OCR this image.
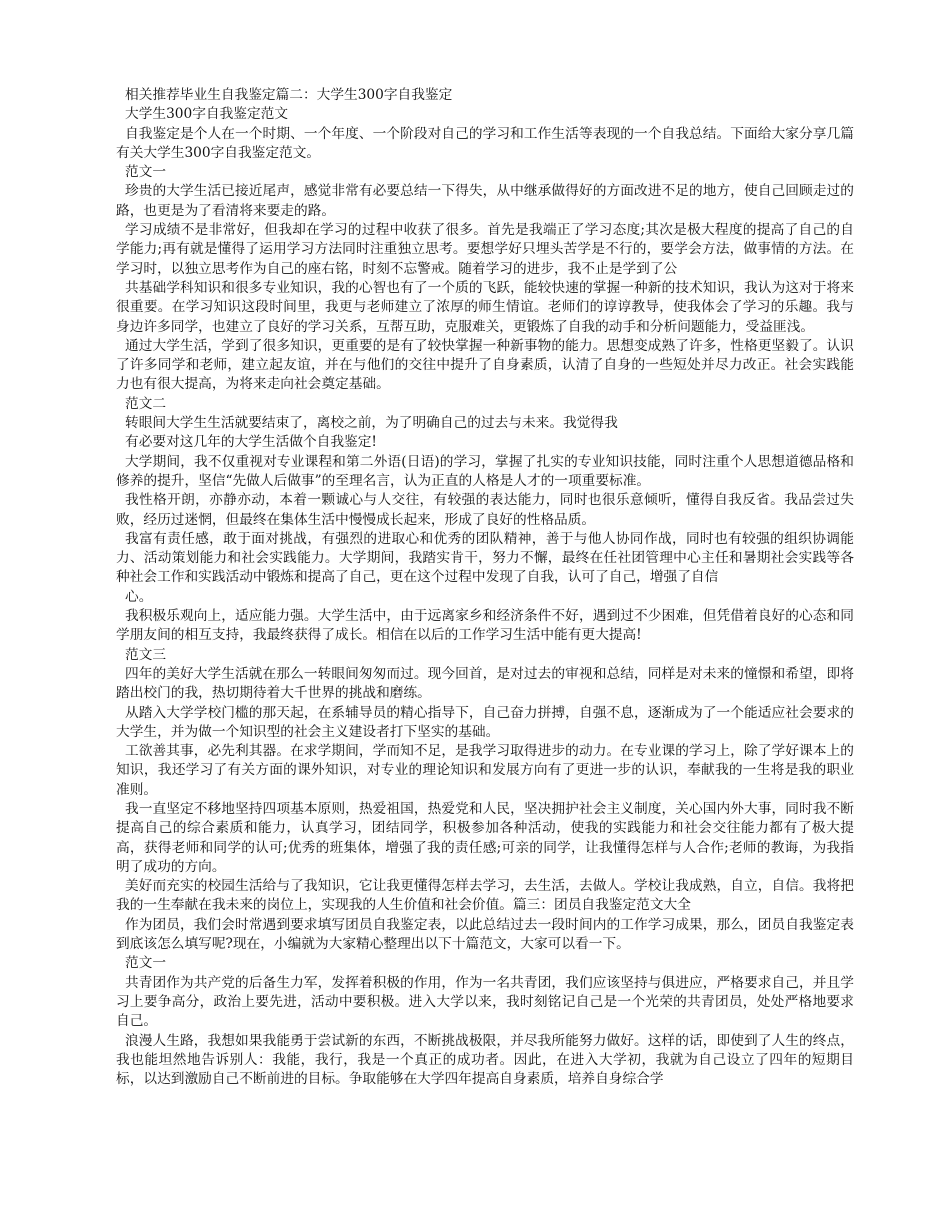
相关推荐毕业生自我鉴定篇二：大学生300字自我鉴定

大学生300字自我鉴定范文

自我鉴定是个人在一个时期、一个年度、一个阶段对自己的学习和工作生活等表现的一个自我总结。下面给大家分享几篇有关大学生300字自我鉴定范文。

范文一

珍贵的大学生活已接近尾声，感觉非常有必要总结一下得失，从中继承做得好的方面改进不足的地方，使自己回顾走过的路，也更是为了看清将来要走的路。

学习成绩不是非常好，但我却在学习的过程中收获了很多。首先是我端正了学习态度;其次是极大程度的提高了自己的自学能力;再有就是懂得了运用学习方法同时注重独立思考。要想学好只埋头苦学是不行的，要学会方法，做事情的方法。在学习时，以独立思考作为自己的座右铭，时刻不忘警戒。随着学习的进步，我不止是学到了公

共基础学科知识和很多专业知识，我的心智也有了一个质的飞跃，能较快速的掌握一种新的技术知识，我认为这对于将来很重要。在学习知识这段时间里，我更与老师建立了浓厚的师生情谊。老师们的谆谆教导，使我体会了学习的乐趣。我与身边许多同学，也建立了良好的学习关系，互帮互助，克服难关，更锻炼了自我的动手和分析问题能力，受益匪浅。

通过大学生活，学到了很多知识，更重要的是有了较快掌握一种新事物的能力。思想变成熟了许多，性格更坚毅了。认识了许多同学和老师，建立起友谊，并在与他们的交往中提升了自身素质，认清了自身的一些短处并尽力改正。社会实践能力也有很大提高，为将来走向社会奠定基础。

范文二

转眼间大学生生活就要结束了，离校之前，为了明确自己的过去与未来。我觉得我

有必要对这几年的大学生活做个自我鉴定!

大学期间，我不仅重视对专业课程和第二外语(日语)的学习，掌握了扎实的专业知识技能，同时注重个人思想道德品格和修养的提升，坚信“先做人后做事”的至理名言，认为正直的人格是人才的一项重要标准。

我性格开朗，亦静亦动，本着一颗诚心与人交往，有较强的表达能力，同时也很乐意倾听，懂得自我反省。我品尝过失败，经历过迷惘，但最终在集体生活中慢慢成长起来，形成了良好的性格品质。

我富有责任感，敢于面对挑战，有强烈的进取心和优秀的团队精神，善于与他人协同作战，同时也有较强的组织协调能力、活动策划能力和社会实践能力。大学期间，我踏实肯干，努力不懈，最终在任社团管理中心主任和暑期社会实践等各种社会工作和实践活动中锻炼和提高了自己，更在这个过程中发现了自我，认可了自己，增强了自信

心。

我积极乐观向上，适应能力强。大学生活中，由于远离家乡和经济条件不好，遇到过不少困难，但凭借着良好的心态和同学朋友间的相互支持，我最终获得了成长。相信在以后的工作学习生活中能有更大提高!

范文三

四年的美好大学生活就在那么一转眼间匆匆而过。现今回首，是对过去的审视和总结，同样是对未来的憧憬和希望，即将踏出校门的我，热切期待着大千世界的挑战和磨练。

从踏入大学学校门槛的那天起，在系辅导员的精心指导下，自己奋力拼搏，自强不息，逐渐成为了一个能适应社会要求的大学生，并为做一个知识型的社会主义建设者打下坚实的基础。

工欲善其事，必先利其器。在求学期间，学而知不足，是我学习取得进步的动力。在专业课的学习上，除了学好课本上的知识，我还学习了有关方面的课外知识，对专业的理论知识和发展方向有了更进一步的认识，奉献我的一生将是我的职业准则。

我一直坚定不移地坚持四项基本原则，热爱祖国，热爱党和人民，坚决拥护社会主义制度，关心国内外大事，同时我不断提高自己的综合素质和能力，认真学习，团结同学，积极参加各种活动，使我的实践能力和社会交往能力都有了极大提高，获得老师和同学的认可;优秀的班集体，增强了我的责任感;可亲的同学，让我懂得怎样与人合作;老师的教诲，为我指明了成功的方向。

美好而充实的校园生活给与了我知识，它让我更懂得怎样去学习，去生活，去做人。学校让我成熟，自立，自信。我将把我的一生奉献在我未来的岗位上，实现我的人生价值和社会价值。篇三：团员自我鉴定范文大全

作为团员，我们会时常遇到要求填写团员自我鉴定表，以此总结过去一段时间内的工作学习成果，那么，团员自我鉴定表到底该怎么填写呢?现在，小编就为大家精心整理出以下十篇范文，大家可以看一下。

范文一

共青团作为共产党的后备生力军，发挥着积极的作用，作为一名共青团，我们应该坚持与俱进应，严格要求自己，并且学习上要争高分，政治上要先进，活动中要积极。进入大学以来，我时刻铭记自己是一个光荣的共青团员，处处严格地要求自己。

浪漫人生路，我想如果我能勇于尝试新的东西，不断挑战极限，并尽我所能努力做好。这样的话，即使到了人生的终点，我也能坦然地告诉别人：我能，我行，我是一个真正的成功者。因此，在进入大学初，我就为自己设立了四年的短期目标，以达到激励自己不断前进的目标。争取能够在大学四年提高自身素质，培养自身综合学
